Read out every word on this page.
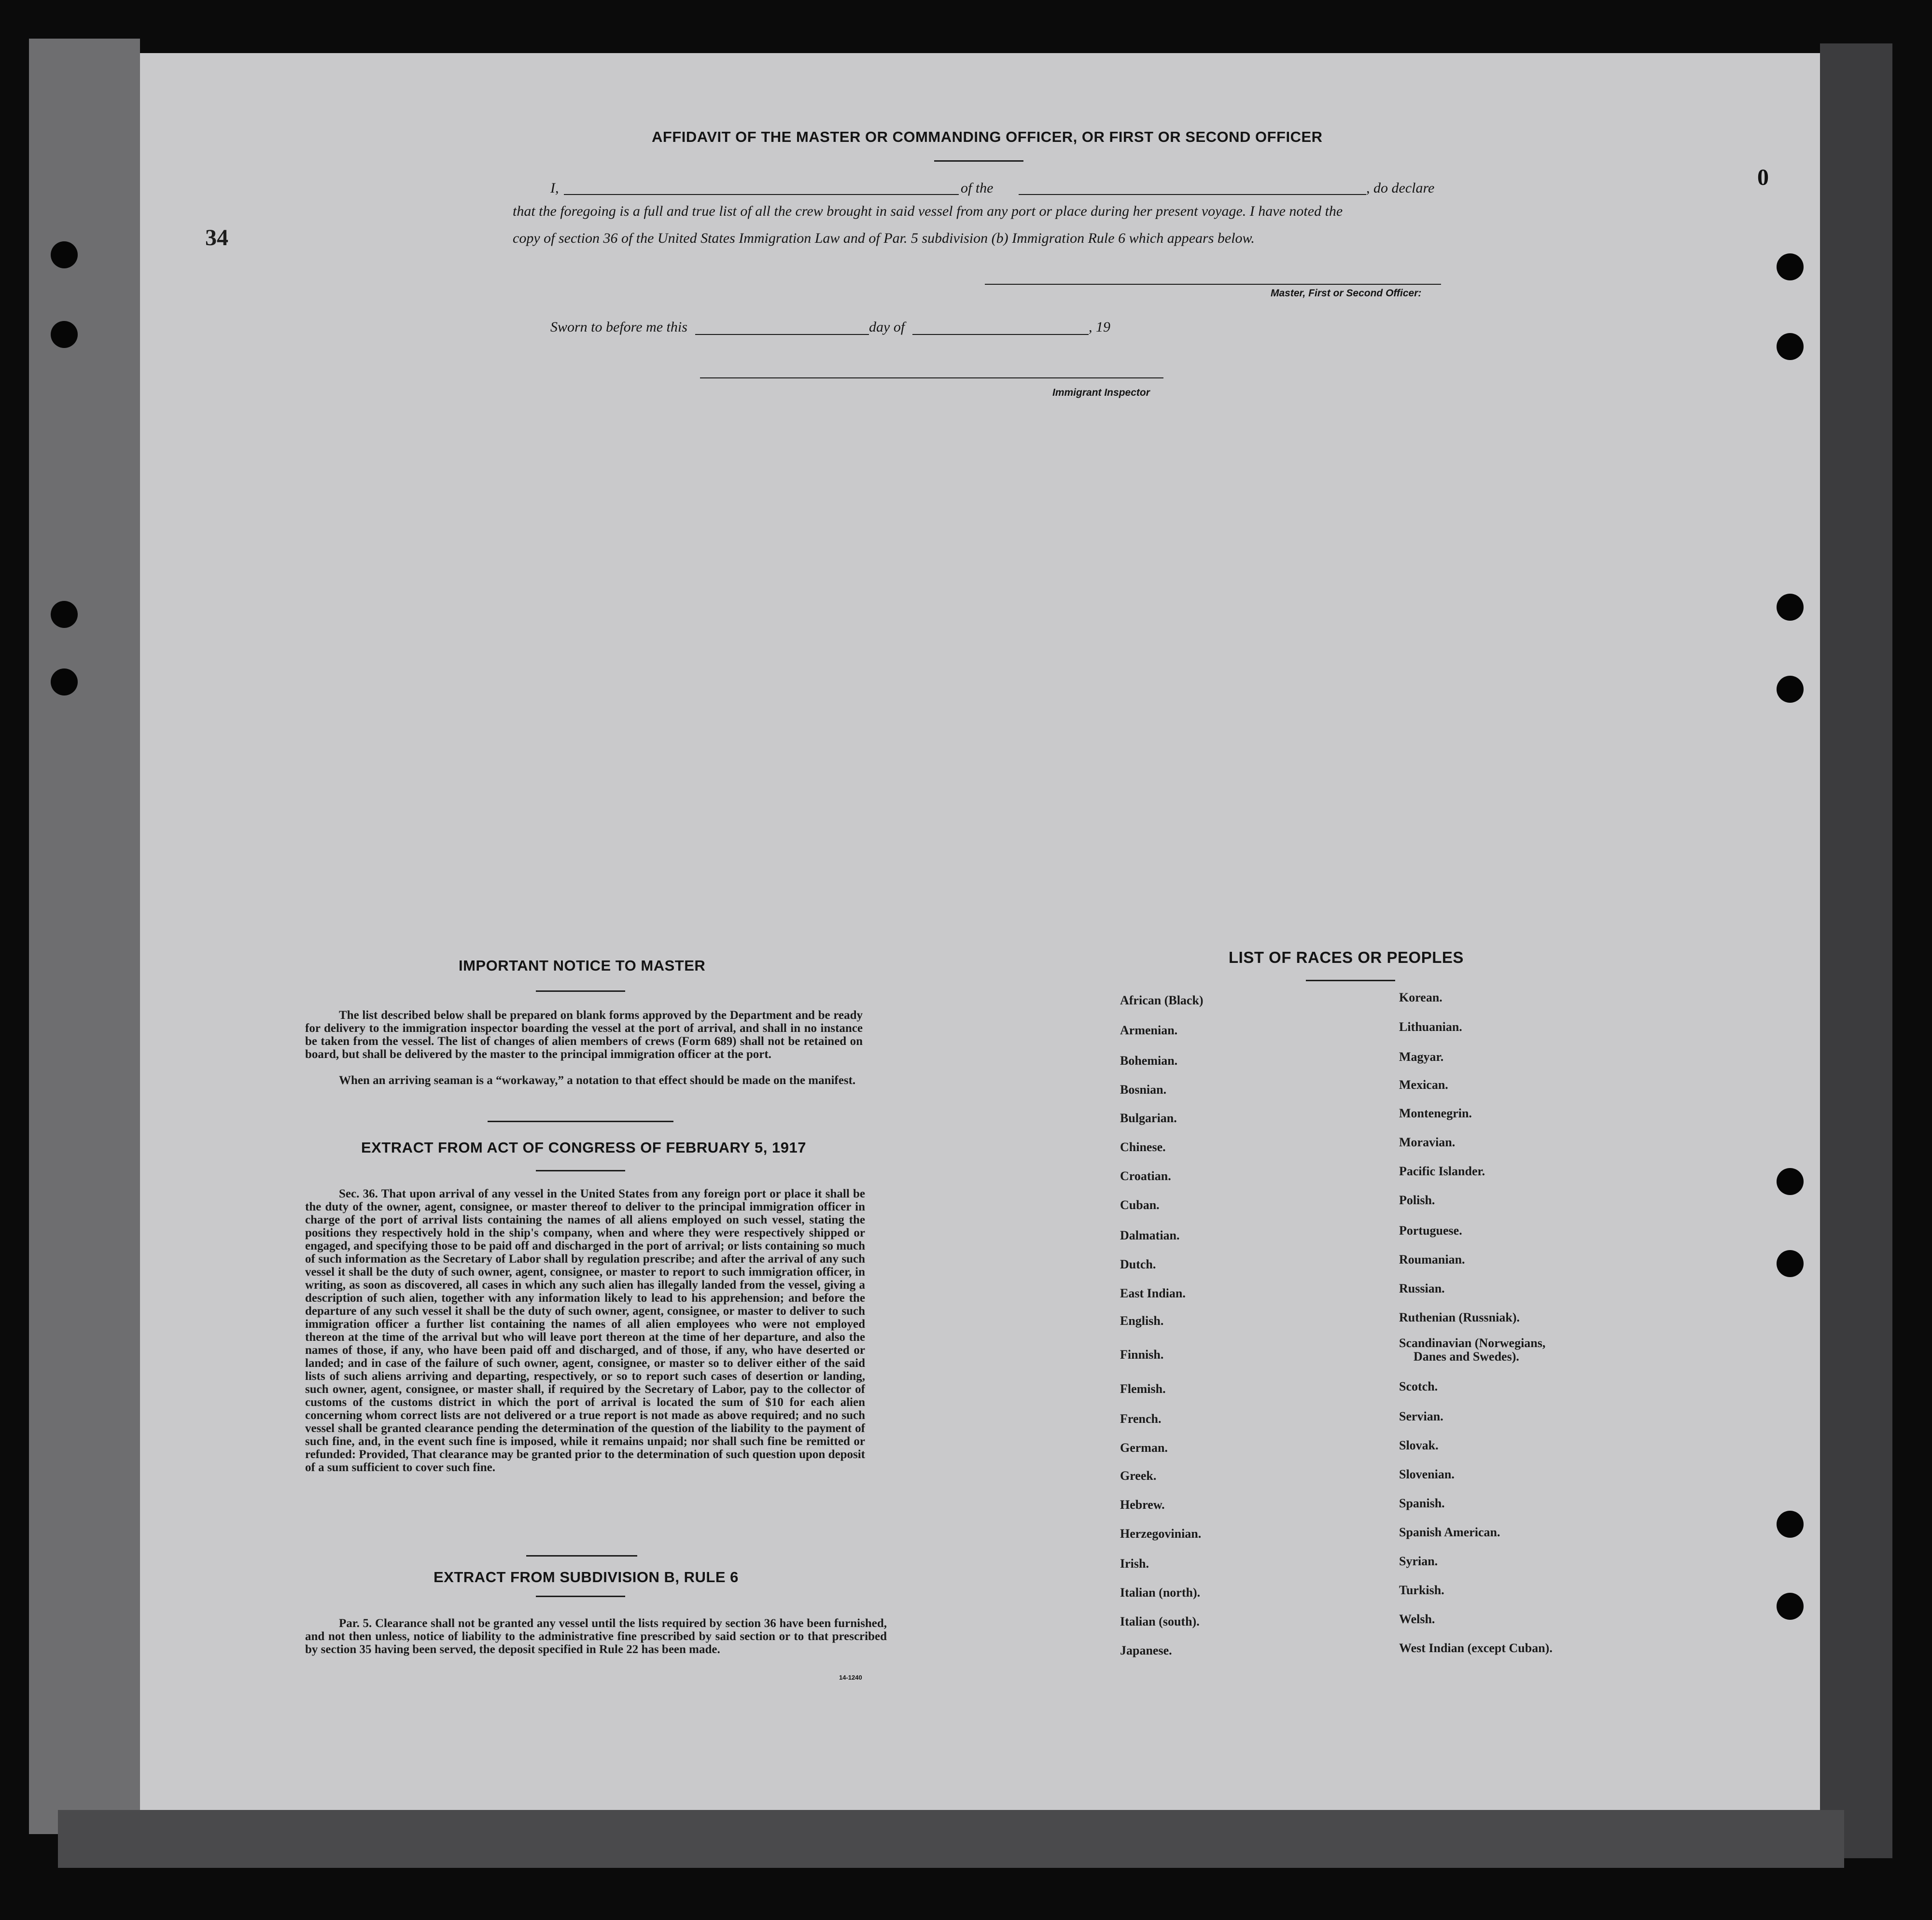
34
0
AFFIDAVIT OF THE MASTER OR COMMANDING OFFICER, OR FIRST OR SECOND OFFICER
I,	of the	, do declare
that the foregoing is a full and true list of all the crew brought in said vessel from any port or place during her present voyage. I have noted the
copy of section 36 of the United States Immigration Law and of Par. 5 subdivision (b) Immigration Rule 6 which appears below.
Master, First or Second Officer:
Sworn to before me this	day of	, 19
Immigrant Inspector
IMPORTANT NOTICE TO MASTER
The list described below shall be prepared on blank forms approved by the Department and be ready for delivery to the immigration inspector boarding the vessel at the port of arrival, and shall in no instance be taken from the vessel. The list of changes of alien members of crews (Form 689) shall not be retained on board, but shall be delivered by the master to the principal immigration officer at the port.
When an arriving seaman is a “workaway,” a notation to that effect should be made on the manifest.
EXTRACT FROM ACT OF CONGRESS OF FEBRUARY 5, 1917
Sec. 36. That upon arrival of any vessel in the United States from any foreign port or place it shall be the duty of the owner, agent, consignee, or master thereof to deliver to the principal immigration officer in charge of the port of arrival lists containing the names of all aliens employed on such vessel, stating the positions they respectively hold in the ship's company, when and where they were respectively shipped or engaged, and specifying those to be paid off and discharged in the port of arrival; or lists containing so much of such information as the Secretary of Labor shall by regulation prescribe; and after the arrival of any such vessel it shall be the duty of such owner, agent, consignee, or master to report to such immigration officer, in writing, as soon as discovered, all cases in which any such alien has illegally landed from the vessel, giving a description of such alien, together with any information likely to lead to his apprehension; and before the departure of any such vessel it shall be the duty of such owner, agent, consignee, or master to deliver to such immigration officer a further list containing the names of all alien employees who were not employed thereon at the time of the arrival but who will leave port thereon at the time of her departure, and also the names of those, if any, who have been paid off and discharged, and of those, if any, who have deserted or landed; and in case of the failure of such owner, agent, consignee, or master so to deliver either of the said lists of such aliens arriving and departing, respectively, or so to report such cases of desertion or landing, such owner, agent, consignee, or master shall, if required by the Secretary of Labor, pay to the collector of customs of the customs district in which the port of arrival is located the sum of $10 for each alien concerning whom correct lists are not delivered or a true report is not made as above required; and no such vessel shall be granted clearance pending the determination of the question of the liability to the payment of such fine, and, in the event such fine is imposed, while it remains unpaid; nor shall such fine be remitted or refunded: Provided, That clearance may be granted prior to the determination of such question upon deposit of a sum sufficient to cover such fine.
EXTRACT FROM SUBDIVISION B, RULE 6
Par. 5. Clearance shall not be granted any vessel until the lists required by section 36 have been furnished, and not then unless, notice of liability to the administrative fine prescribed by said section or to that prescribed by section 35 having been served, the deposit specified in Rule 22 has been made.
14-1240
LIST OF RACES OR PEOPLES
African (Black)
Armenian.
Bohemian.
Bosnian.
Bulgarian.
Chinese.
Croatian.
Cuban.
Dalmatian.
Dutch.
East Indian.
English.
Finnish.
Flemish.
French.
German.
Greek.
Hebrew.
Herzegovinian.
Irish.
Italian (north).
Italian (south).
Japanese.
Korean.
Lithuanian.
Magyar.
Mexican.
Montenegrin.
Moravian.
Pacific Islander.
Polish.
Portuguese.
Roumanian.
Russian.
Ruthenian (Russniak).
Scandinavian (Norwegians,
Danes and Swedes).
Scotch.
Servian.
Slovak.
Slovenian.
Spanish.
Spanish American.
Syrian.
Turkish.
Welsh.
West Indian (except Cuban).
